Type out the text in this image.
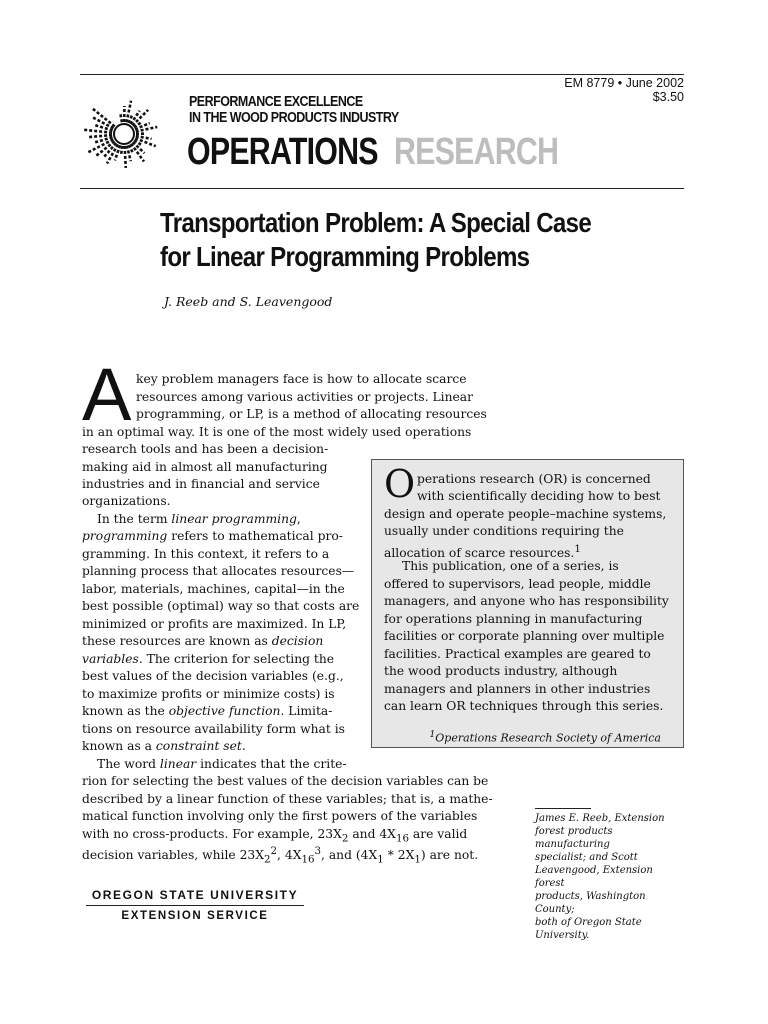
EM 8779 • June 2002
$3.50
PERFORMANCE EXCELLENCE
IN THE WOOD PRODUCTS INDUSTRY
OPERATIONS RESEARCH
Transportation Problem: A Special Case
for Linear Programming Problems
J. Reeb and S. Leavengood
A key problem managers face is how to allocate scarce
resources among various activities or projects. Linear
programming, or LP, is a method of allocating resources
in an optimal way. It is one of the most widely used operations
research tools and has been a decision-
making aid in almost all manufacturing
industries and in financial and service
organizations.
In the term linear programming,
programming refers to mathematical pro-
gramming. In this context, it refers to a
planning process that allocates resources—
labor, materials, machines, capital—in the
best possible (optimal) way so that costs are
minimized or profits are maximized. In LP,
these resources are known as decision
variables. The criterion for selecting the
best values of the decision variables (e.g.,
to maximize profits or minimize costs) is
known as the objective function. Limita-
tions on resource availability form what is
known as a constraint set.
The word linear indicates that the crite-
rion for selecting the best values of the decision variables can be
described by a linear function of these variables; that is, a mathe-
matical function involving only the first powers of the variables
with no cross-products. For example, $23X_2$ and $4X_{16}$ are valid
decision variables, while $23X_2^2$, $4X_{16}^3$, and $(4X_1 * 2X_1)$ are not.
O perations research (OR) is concerned
with scientifically deciding how to best
design and operate people–machine systems,
usually under conditions requiring the
allocation of scarce resources.$^1$
This publication, one of a series, is
offered to supervisors, lead people, middle
managers, and anyone who has responsibility
for operations planning in manufacturing
facilities or corporate planning over multiple
facilities. Practical examples are geared to
the wood products industry, although
managers and planners in other industries
can learn OR techniques through this series.
$^1$Operations Research Society of America
James E. Reeb, Extension
forest products manufacturing
specialist; and Scott
Leavengood, Extension forest
products, Washington County;
both of Oregon State
University.
OREGON STATE UNIVERSITY
EXTENSION SERVICE
